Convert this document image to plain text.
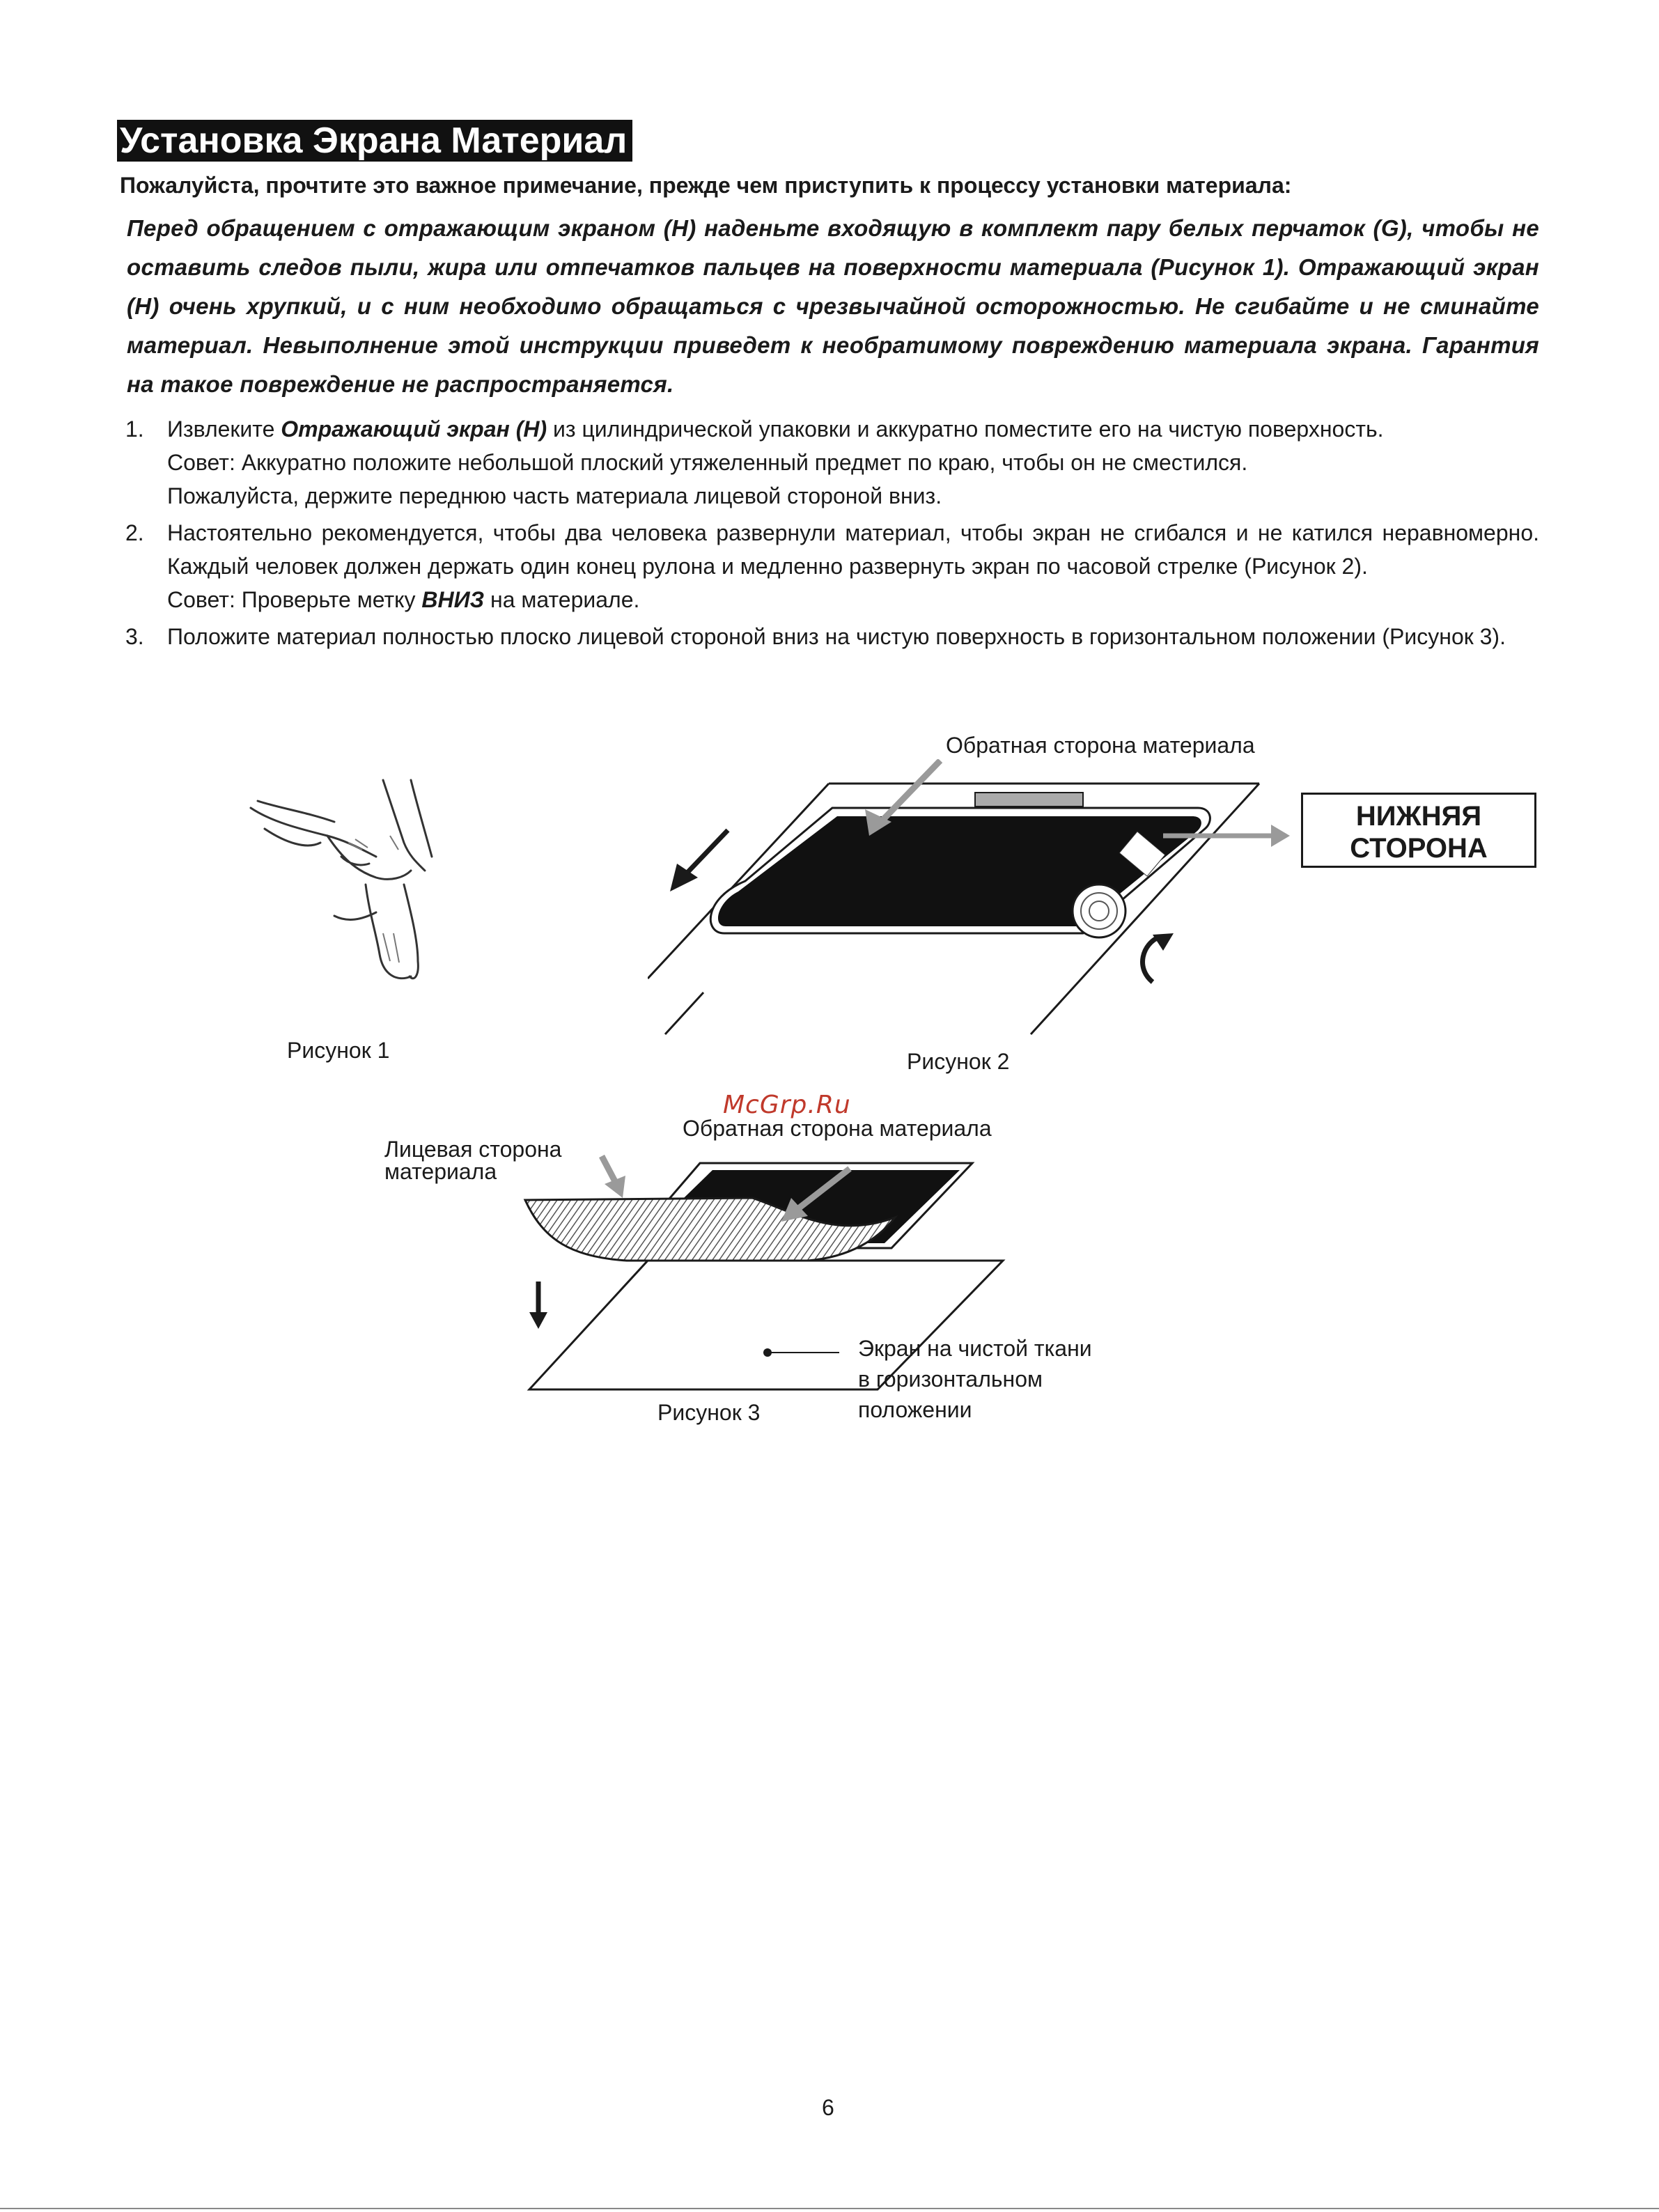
Установка Экрана Материал
Пожалуйста, прочтите это важное примечание, прежде чем приступить к процессу установки материала:
Перед обращением с отражающим экраном (H) наденьте входящую в комплект пару белых перчаток (G), чтобы не оставить следов пыли, жира или отпечатков пальцев на поверхности материала (Рисунок 1). Отражающий экран (H) очень хрупкий, и с ним необходимо обращаться с чрезвычайной осторожностью. Не сгибайте и не сминайте материал. Невыполнение этой инструкции приведет к необратимому повреждению материала экрана. Гарантия на такое повреждение не распространяется.
1. Извлеките Отражающий экран (H) из цилиндрической упаковки и аккуратно поместите его на чистую поверхность.
Совет: Аккуратно положите небольшой плоский утяжеленный предмет по краю, чтобы он не сместился.
Пожалуйста, держите переднюю часть материала лицевой стороной вниз.
2. Настоятельно рекомендуется, чтобы два человека развернули материал, чтобы экран не сгибался и не катился неравномерно. Каждый человек должен держать один конец рулона и медленно развернуть экран по часовой стрелке (Рисунок 2).
Совет: Проверьте метку ВНИЗ на материале.
3. Положите материал полностью плоско лицевой стороной вниз на чистую поверхность в горизонтальном положении (Рисунок 3).
Рисунок 1
Обратная сторона материала
НИЖНЯЯ
СТОРОНА
Рисунок 2
McGrp.Ru
Обратная сторона материала
Лицевая сторона
материала
Экран на чистой ткани
в горизонтальном
положении
Рисунок 3
6
